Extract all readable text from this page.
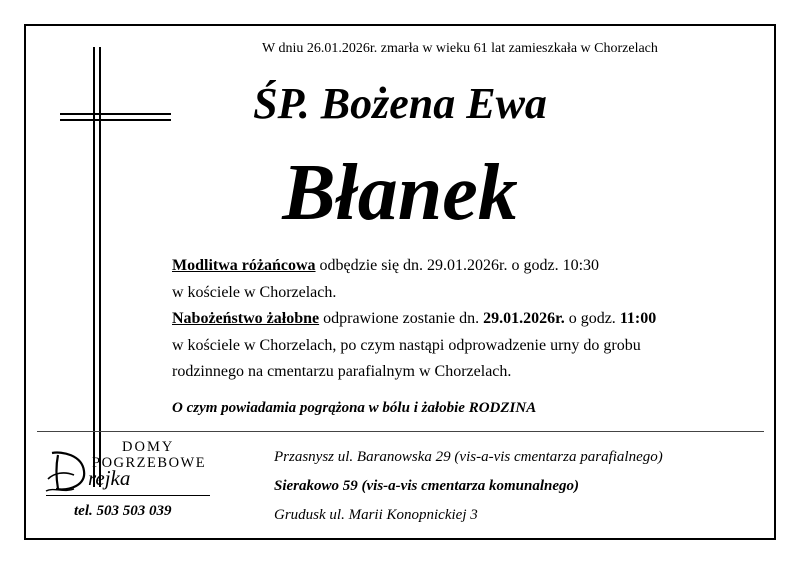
W dniu 26.01.2026r. zmarła w wieku 61 lat zamieszkała w Chorzelach
ŚP. Bożena Ewa
Błanek
Modlitwa różańcowa odbędzie się dn. 29.01.2026r. o godz. 10:30
w kościele w Chorzelach.
Nabożeństwo żałobne odprawione zostanie dn. 29.01.2026r. o godz. 11:00
w kościele w Chorzelach, po czym nastąpi odprowadzenie urny do grobu
rodzinnego na cmentarzu parafialnym w Chorzelach.
O czym powiadamia pogrążona w bólu i żałobie RODZINA
DOMY
POGRZEBOWE
rejka
tel. 503 503 039
Przasnysz ul. Baranowska 29 (vis-a-vis cmentarza parafialnego)
Sierakowo 59 (vis-a-vis cmentarza komunalnego)
Grudusk ul. Marii Konopnickiej 3
